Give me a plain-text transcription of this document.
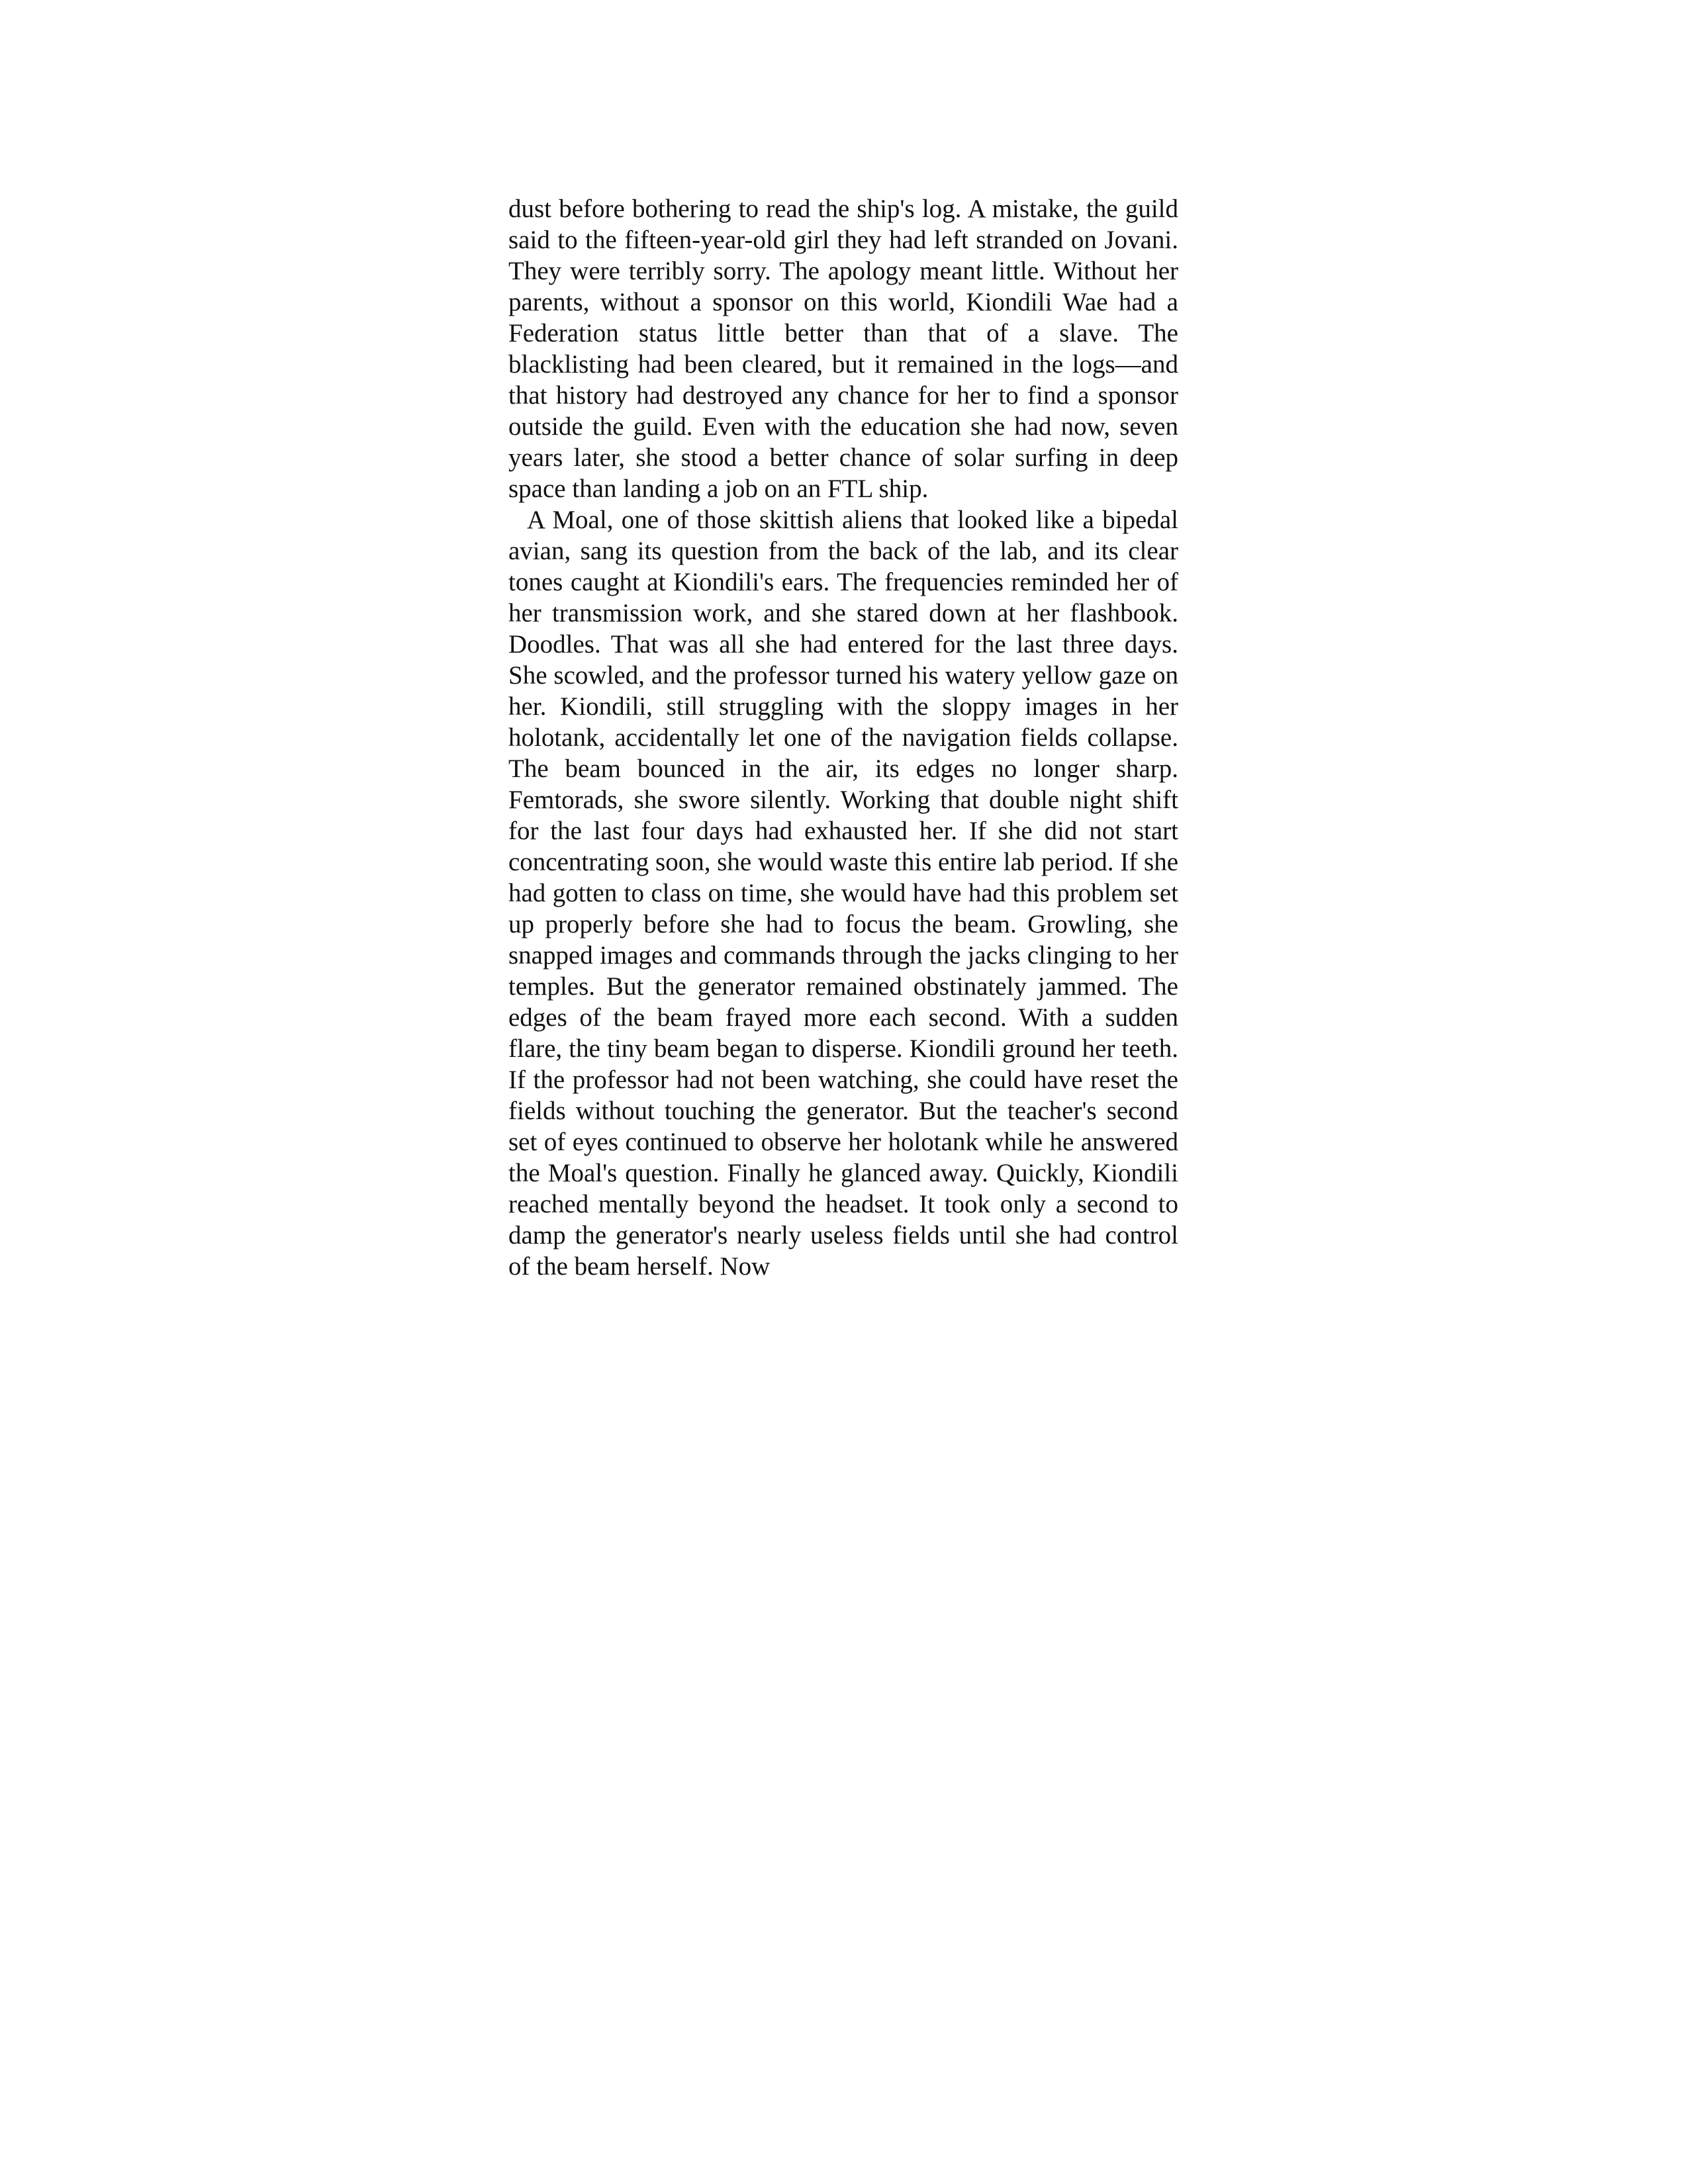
dust before bothering to read the ship's log. A mistake, the guild said to the fifteen-year-old girl they had left stranded on Jovani. They were terribly sorry. The apology meant little. Without her parents, without a sponsor on this world, Kiondili Wae had a Federation status little better than that of a slave. The blacklisting had been cleared, but it remained in the logs—and that history had destroyed any chance for her to find a sponsor outside the guild. Even with the education she had now, seven years later, she stood a better chance of solar surfing in deep space than landing a job on an FTL ship.

A Moal, one of those skittish aliens that looked like a bipedal avian, sang its question from the back of the lab, and its clear tones caught at Kiondili's ears. The frequencies reminded her of her transmission work, and she stared down at her flashbook. Doodles. That was all she had entered for the last three days. She scowled, and the professor turned his watery yellow gaze on her. Kiondili, still struggling with the sloppy images in her holotank, accidentally let one of the navigation fields collapse. The beam bounced in the air, its edges no longer sharp. Femtorads, she swore silently. Working that double night shift for the last four days had exhausted her. If she did not start concentrating soon, she would waste this entire lab period. If she had gotten to class on time, she would have had this problem set up properly before she had to focus the beam. Growling, she snapped images and commands through the jacks clinging to her temples. But the generator remained obstinately jammed. The edges of the beam frayed more each second. With a sudden flare, the tiny beam began to disperse. Kiondili ground her teeth. If the professor had not been watching, she could have reset the fields without touching the generator. But the teacher's second set of eyes continued to observe her holotank while he answered the Moal's question. Finally he glanced away. Quickly, Kiondili reached mentally beyond the headset. It took only a second to damp the generator's nearly useless fields until she had control of the beam herself. Now
